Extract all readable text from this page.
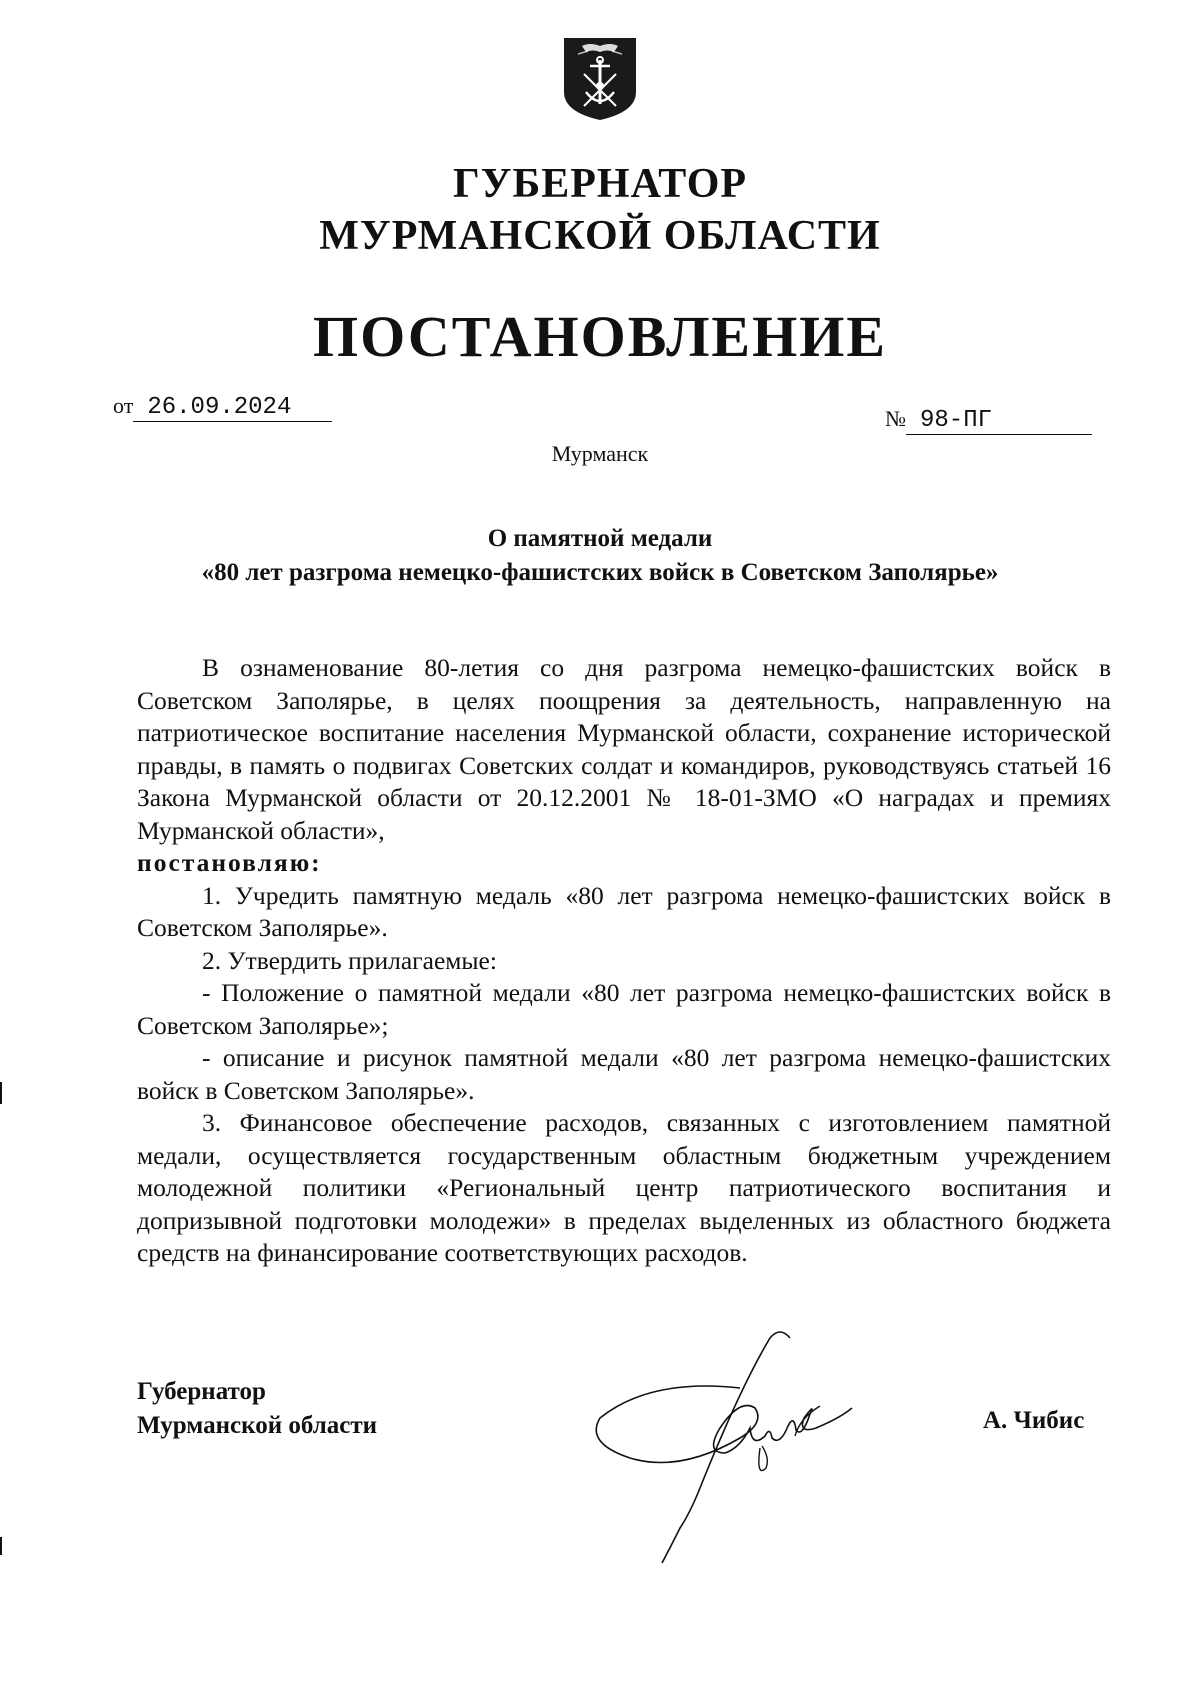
ГУБЕРНАТОР
МУРМАНСКОЙ ОБЛАСТИ
ПОСТАНОВЛЕНИЕ
от 26.09.2024	№ 98-ПГ
Мурманск
О памятной медали
«80 лет разгрома немецко-фашистских войск в Советском Заполярье»

В ознаменование 80-летия со дня разгрома немецко-фашистских войск в Советском Заполярье, в целях поощрения за деятельность, направленную на патриотическое воспитание населения Мурманской области, сохранение исторической правды, в память о подвигах Советских солдат и командиров, руководствуясь статьей 16 Закона Мурманской области от 20.12.2001 № 18-01-ЗМО «О наградах и премиях Мурманской области»,

постановляю:

1. Учредить памятную медаль «80 лет разгрома немецко-фашистских войск в Советском Заполярье».

2. Утвердить прилагаемые:

- Положение о памятной медали «80 лет разгрома немецко-фашистских войск в Советском Заполярье»;

- описание и рисунок памятной медали «80 лет разгрома немецко-фашистских войск в Советском Заполярье».

3. Финансовое обеспечение расходов, связанных с изготовлением памятной медали, осуществляется государственным областным бюджетным учреждением молодежной политики «Региональный центр патриотического воспитания и допризывной подготовки молодежи» в пределах выделенных из областного бюджета средств на финансирование соответствующих расходов.

Губернатор
Мурманской области	А. Чибис
